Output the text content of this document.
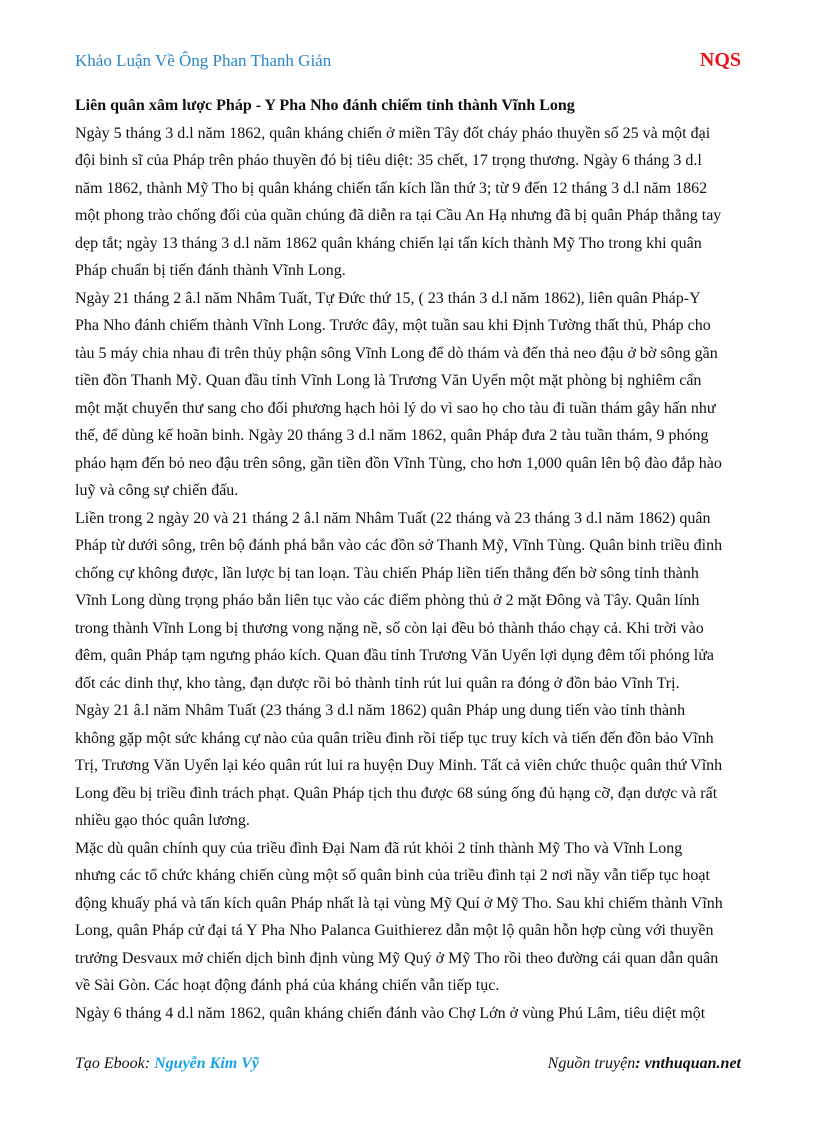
Khảo Luận Về Ông Phan Thanh Giản	NQS
Liên quân xâm lược Pháp - Y Pha Nho đánh chiếm tỉnh thành Vĩnh Long
Ngày 5 tháng 3 d.l năm 1862, quân kháng chiến ở miền Tây đốt cháy pháo thuyền số 25 và một đại
đội binh sĩ của Pháp trên pháo thuyền đó bị tiêu diệt: 35 chết, 17 trọng thương. Ngày 6 tháng 3 d.l
năm 1862, thành Mỹ Tho bị quân kháng chiến tấn kích lần thứ 3; từ 9 đến 12 tháng 3 d.l năm 1862
một phong trào chống đối của quần chúng đã diễn ra tại Cầu An Hạ nhưng đã bị quân Pháp thẳng tay
dẹp tắt; ngày 13 tháng 3 d.l năm 1862 quân kháng chiến lại tấn kích thành Mỹ Tho trong khi quân
Pháp chuẩn bị tiến đánh thành Vĩnh Long.
Ngày 21 tháng 2 â.l năm Nhâm Tuất, Tự Đức thứ 15, ( 23 thán 3 d.l năm 1862), liên quân Pháp-Y
Pha Nho đánh chiếm thành Vĩnh Long. Trước đây, một tuần sau khi Định Tường thất thủ, Pháp cho
tàu 5 máy chia nhau đi trên thủy phận sông Vĩnh Long để dò thám và đến thả neo đậu ở bờ sông gần
tiền đồn Thanh Mỹ. Quan đầu tỉnh Vĩnh Long là Trương Văn Uyển một mặt phòng bị nghiêm cẩn
một mặt chuyển thư sang cho đối phương hạch hỏi lý do vì sao họ cho tàu đi tuần thám gây hấn như
thế, để dùng kế hoãn binh. Ngày 20 tháng 3 d.l năm 1862, quân Pháp đưa 2 tàu tuần thám, 9 phóng
pháo hạm đến bỏ neo đậu trên sông, gần tiền đồn Vĩnh Tùng, cho hơn 1,000 quân lên bộ đào đắp hào
luỹ và công sự chiến đấu.
Liền trong 2 ngày 20 và 21 tháng 2 â.l năm Nhâm Tuất (22 tháng và 23 tháng 3 d.l năm 1862) quân
Pháp từ dưới sông, trên bộ đánh phá bắn vào các đồn sở Thanh Mỹ, Vĩnh Tùng. Quân binh triều đình
chống cự không được, lần lược bị tan loạn. Tàu chiến Pháp liền tiến thẳng đến bờ sông tỉnh thành
Vĩnh Long dùng trọng pháo bắn liên tục vào các điểm phòng thủ ở 2 mặt Đông và Tây. Quân lính
trong thành Vĩnh Long bị thương vong nặng nề, số còn lại đều bỏ thành tháo chạy cả. Khi trời vào
đêm, quân Pháp tạm ngưng pháo kích. Quan đầu tỉnh Trương Văn Uyển lợi dụng đêm tối phóng lửa
đốt các dinh thự, kho tàng, đạn dược rồi bỏ thành tỉnh rút lui quân ra đóng ở đồn bảo Vĩnh Trị.
Ngày 21 â.l năm Nhâm Tuất (23 tháng 3 d.l năm 1862) quân Pháp ung dung tiến vào tỉnh thành
không gặp một sức kháng cự nào của quân triều đình rồi tiếp tục truy kích và tiến đến đồn bảo Vĩnh
Trị, Trương Văn Uyển lại kéo quân rút lui ra huyện Duy Minh. Tất cả viên chức thuộc quân thứ Vĩnh
Long đều bị triều đình trách phạt. Quân Pháp tịch thu được 68 súng ống đủ hạng cỡ, đạn dược và rất
nhiều gạo thóc quân lương.
Mặc dù quân chính quy của triều đình Đại Nam đã rút khỏi 2 tỉnh thành Mỹ Tho và Vĩnh Long
nhưng các tổ chức kháng chiến cùng một số quân binh của triều đình tại 2 nơi nầy vẫn tiếp tục hoạt
động khuấy phá và tấn kích quân Pháp nhất là tại vùng Mỹ Quí ở Mỹ Tho. Sau khi chiếm thành Vĩnh
Long, quân Pháp cử đại tá Y Pha Nho Palanca Guithierez dẫn một lộ quân hỗn hợp cùng với thuyền
trưởng Desvaux mở chiến dịch bình định vùng Mỹ Quý ở Mỹ Tho rồi theo đường cái quan dẫn quân
về Sài Gòn. Các hoạt động đánh phá của kháng chiến vẫn tiếp tục.
Ngày 6 tháng 4 d.l năm 1862, quân kháng chiến đánh vào Chợ Lớn ở vùng Phú Lâm, tiêu diệt một
Tạo Ebook: Nguyễn Kim Vỹ	Nguồn truyện: vnthuquan.net
